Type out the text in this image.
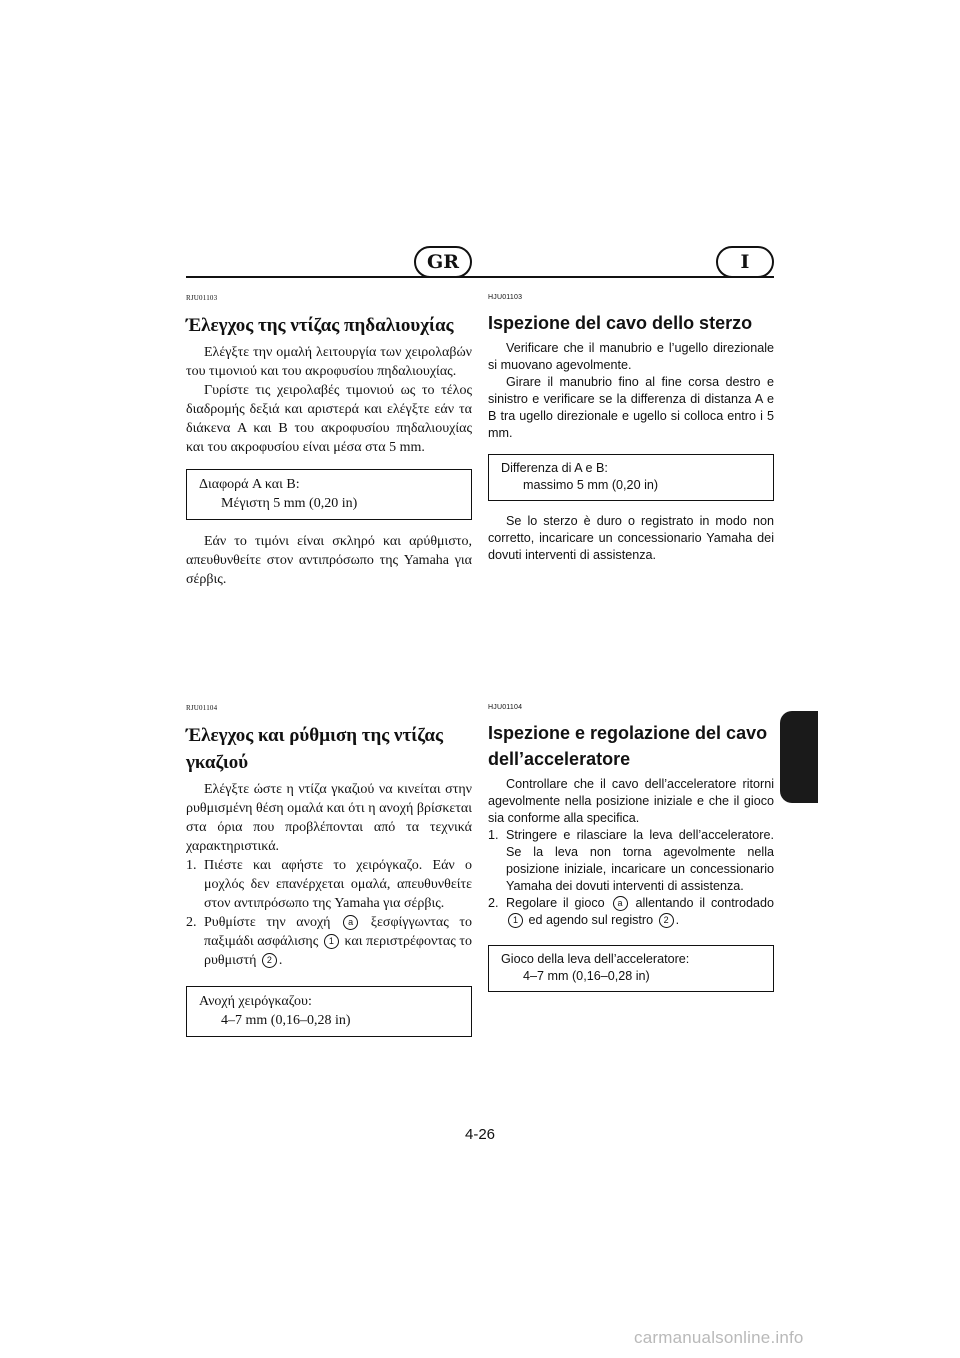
GR	I
RJU01103
Έλεγχος της ντίζας πηδαλιουχίας

Ελέγξτε την ομαλή λειτουργία των χειρολαβών του τιμονιού και του ακροφυσίου πηδαλιουχίας.

Γυρίστε τις χειρολαβές τιμονιού ως το τέλος διαδρομής δεξιά και αριστερά και ελέγξτε εάν τα διάκενα A και B του ακροφυσίου πηδαλιουχίας και του ακροφυσίου είναι μέσα στα 5 mm.

Διαφορά A και B:
Μέγιστη 5 mm (0,20 in)

Εάν το τιμόνι είναι σκληρό και αρύθμιστο, απευθυνθείτε στον αντιπρόσωπο της Yamaha για σέρβις.

HJU01103
Ispezione del cavo dello sterzo

Verificare che il manubrio e l’ugello direzionale si muovano agevolmente.

Girare il manubrio fino al fine corsa destro e sinistro e verificare se la differenza di distanza A e B tra ugello direzionale e ugello si colloca entro i 5 mm.

Differenza di A e B:
massimo 5 mm (0,20 in)

Se lo sterzo è duro o registrato in modo non corretto, incaricare un concessionario Yamaha dei dovuti interventi di assistenza.

RJU01104
Έλεγχος και ρύθμιση της ντίζας
γκαζιού

Ελέγξτε ώστε η ντίζα γκαζιού να κινείται στην ρυθμισμένη θέση ομαλά και ότι η ανοχή βρίσκεται στα όρια που προβλέπονται από τα τεχνικά χαρακτηριστικά.

1. Πιέστε και αφήστε το χειρόγκαζο. Εάν ο μοχλός δεν επανέρχεται ομαλά, απευθυνθείτε στον αντιπρόσωπο της Yamaha για σέρβις.
2. Ρυθμίστε την ανοχή a ξεσφίγγωντας το παξιμάδι ασφάλισης 1 και περιστρέφοντας το ρυθμιστή 2 .
Ανοχή χειρόγκαζου:
4–7 mm (0,16–0,28 in)
HJU01104
Ispezione e regolazione del cavo
dell’acceleratore

Controllare che il cavo dell’acceleratore ritorni agevolmente nella posizione iniziale e che il gioco sia conforme alla specifica.

1. Stringere e rilasciare la leva dell’acceleratore. Se la leva non torna agevolmente nella posizione iniziale, incaricare un concessionario Yamaha dei dovuti interventi di assistenza.
2. Regolare il gioco a allentando il controdado 1 ed agendo sul registro 2 .
Gioco della leva dell’acceleratore:
4–7 mm (0,16–0,28 in)
4-26
carmanualsonline.info
